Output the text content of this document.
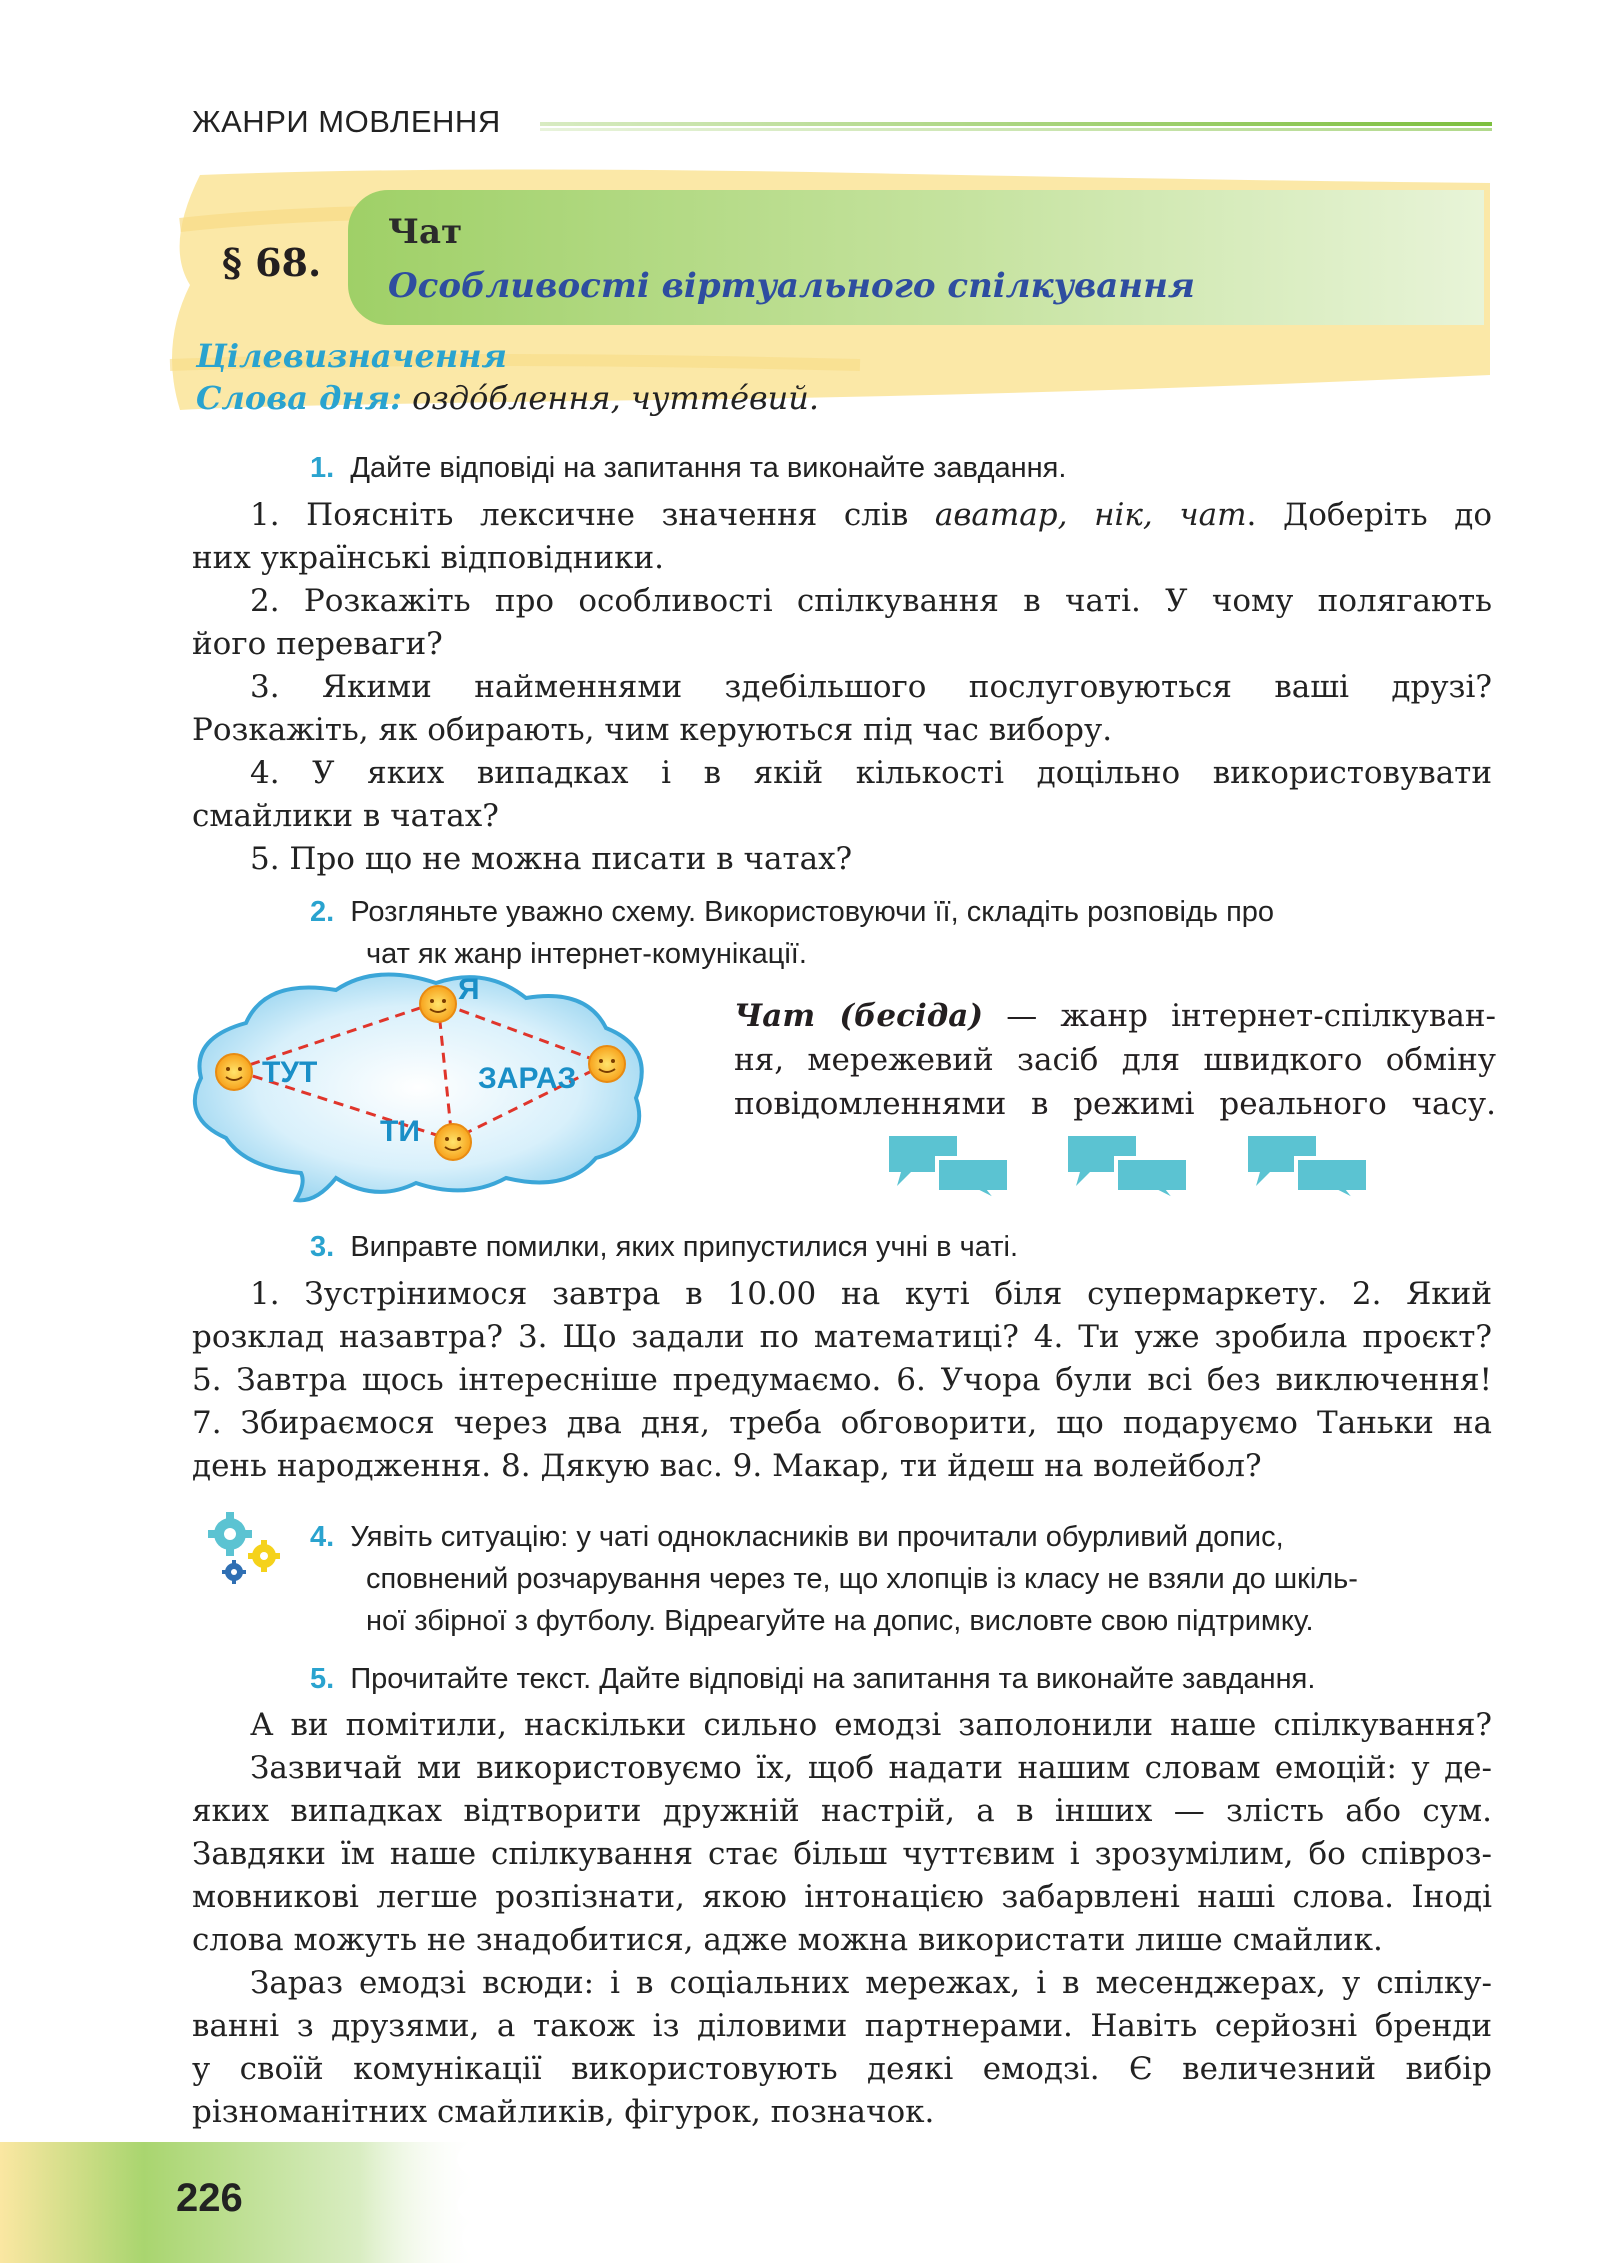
ЖАНРИ МОВЛЕННЯ
§ 68.
Чат
Особливості віртуального спілкування
Цілевизначення
Слова дня: оздóблення, чуттéвий.
1. Дайте відповіді на запитання та виконайте завдання.
1. Поясніть лексичне значення слів аватар, нік, чат. Доберіть до
них українські відповідники.
2. Розкажіть про особливості спілкування в чаті. У чому полягають
його переваги?
3. Якими найменнями здебільшого послуговуються ваші друзі?
Розкажіть, як обирають, чим керуються під час вибору.
4. У яких випадках і в якій кількості доцільно використовувати
смайлики в чатах?
5. Про що не можна писати в чатах?
2. Розгляньте уважно схему. Використовуючи її, складіть розповідь про
чат як жанр інтернет-комунікації.
Я
ТУТ	ЗАРАЗ
ТИ
Чат (бесіда) — жанр інтернет-спілкуван-
ня, мережевий засіб для швидкого обміну
повідомленнями в режимі реального часу.
3. Виправте помилки, яких припустилися учні в чаті.
1. Зустрінимося завтра в 10.00 на куті біля супермаркету. 2. Який
розклад назавтра? 3. Що задали по математиці? 4. Ти уже зробила проєкт?
5. Завтра щось інтересніше предумаємо. 6. Учора були всі без виключення!
7. Збираємося через два дня, треба обговорити, що подаруємо Таньки на
день народження. 8. Дякую вас. 9. Макар, ти йдеш на волейбол?
4. Уявіть ситуацію: у чаті однокласників ви прочитали обурливий допис,
сповнений розчарування через те, що хлопців із класу не взяли до шкіль-
ної збірної з футболу. Відреагуйте на допис, висловте свою підтримку.
5. Прочитайте текст. Дайте відповіді на запитання та виконайте завдання.
А ви помітили, наскільки сильно емодзі заполонили наше спілкування?
Зазвичай ми використовуємо їх, щоб надати нашим словам емоцій: у де-
яких випадках відтворити дружній настрій, а в інших — злість або сум.
Завдяки їм наше спілкування стає більш чуттєвим і зрозумілим, бо співроз-
мовникові легше розпізнати, якою інтонацією забарвлені наші слова. Іноді
слова можуть не знадобитися, адже можна використати лише смайлик.
Зараз емодзі всюди: і в соціальних мережах, і в месенджерах, у спілку-
ванні з друзями, а також із діловими партнерами. Навіть серйозні бренди
у своїй комунікації використовують деякі емодзі. Є величезний вибір
різноманітних смайликів, фігурок, позначок.
226
